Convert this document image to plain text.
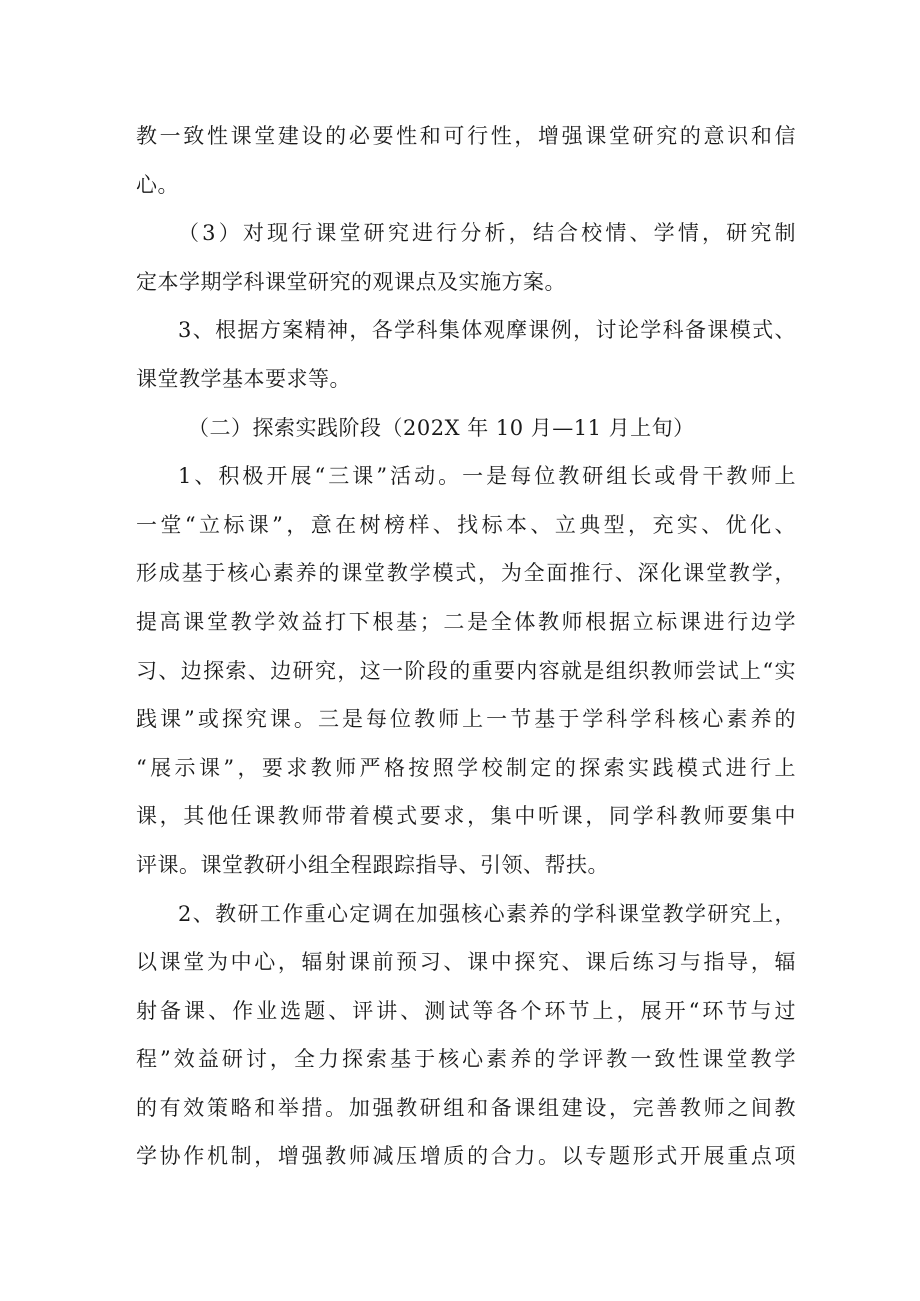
教一致性课堂建设的必要性和可行性，增强课堂研究的意识和信
心。
（3）对现行课堂研究进行分析，结合校情、学情，研究制
定本学期学科课堂研究的观课点及实施方案。
3、根据方案精神，各学科集体观摩课例，讨论学科备课模式、
课堂教学基本要求等。
（二）探索实践阶段（202X 年 10 月—11 月上旬）
1、积极开展“三课”活动。一是每位教研组长或骨干教师上
一堂“立标课”，意在树榜样、找标本、立典型，充实、优化、
形成基于核心素养的课堂教学模式，为全面推行、深化课堂教学，
提高课堂教学效益打下根基；二是全体教师根据立标课进行边学
习、边探索、边研究，这一阶段的重要内容就是组织教师尝试上“实
践课”或探究课。三是每位教师上一节基于学科学科核心素养的
“展示课”，要求教师严格按照学校制定的探索实践模式进行上
课，其他任课教师带着模式要求，集中听课，同学科教师要集中
评课。课堂教研小组全程跟踪指导、引领、帮扶。
2、教研工作重心定调在加强核心素养的学科课堂教学研究上，
以课堂为中心，辐射课前预习、课中探究、课后练习与指导，辐
射备课、作业选题、评讲、测试等各个环节上，展开“环节与过
程”效益研讨，全力探索基于核心素养的学评教一致性课堂教学
的有效策略和举措。加强教研组和备课组建设，完善教师之间教
学协作机制，增强教师减压增质的合力。以专题形式开展重点项
